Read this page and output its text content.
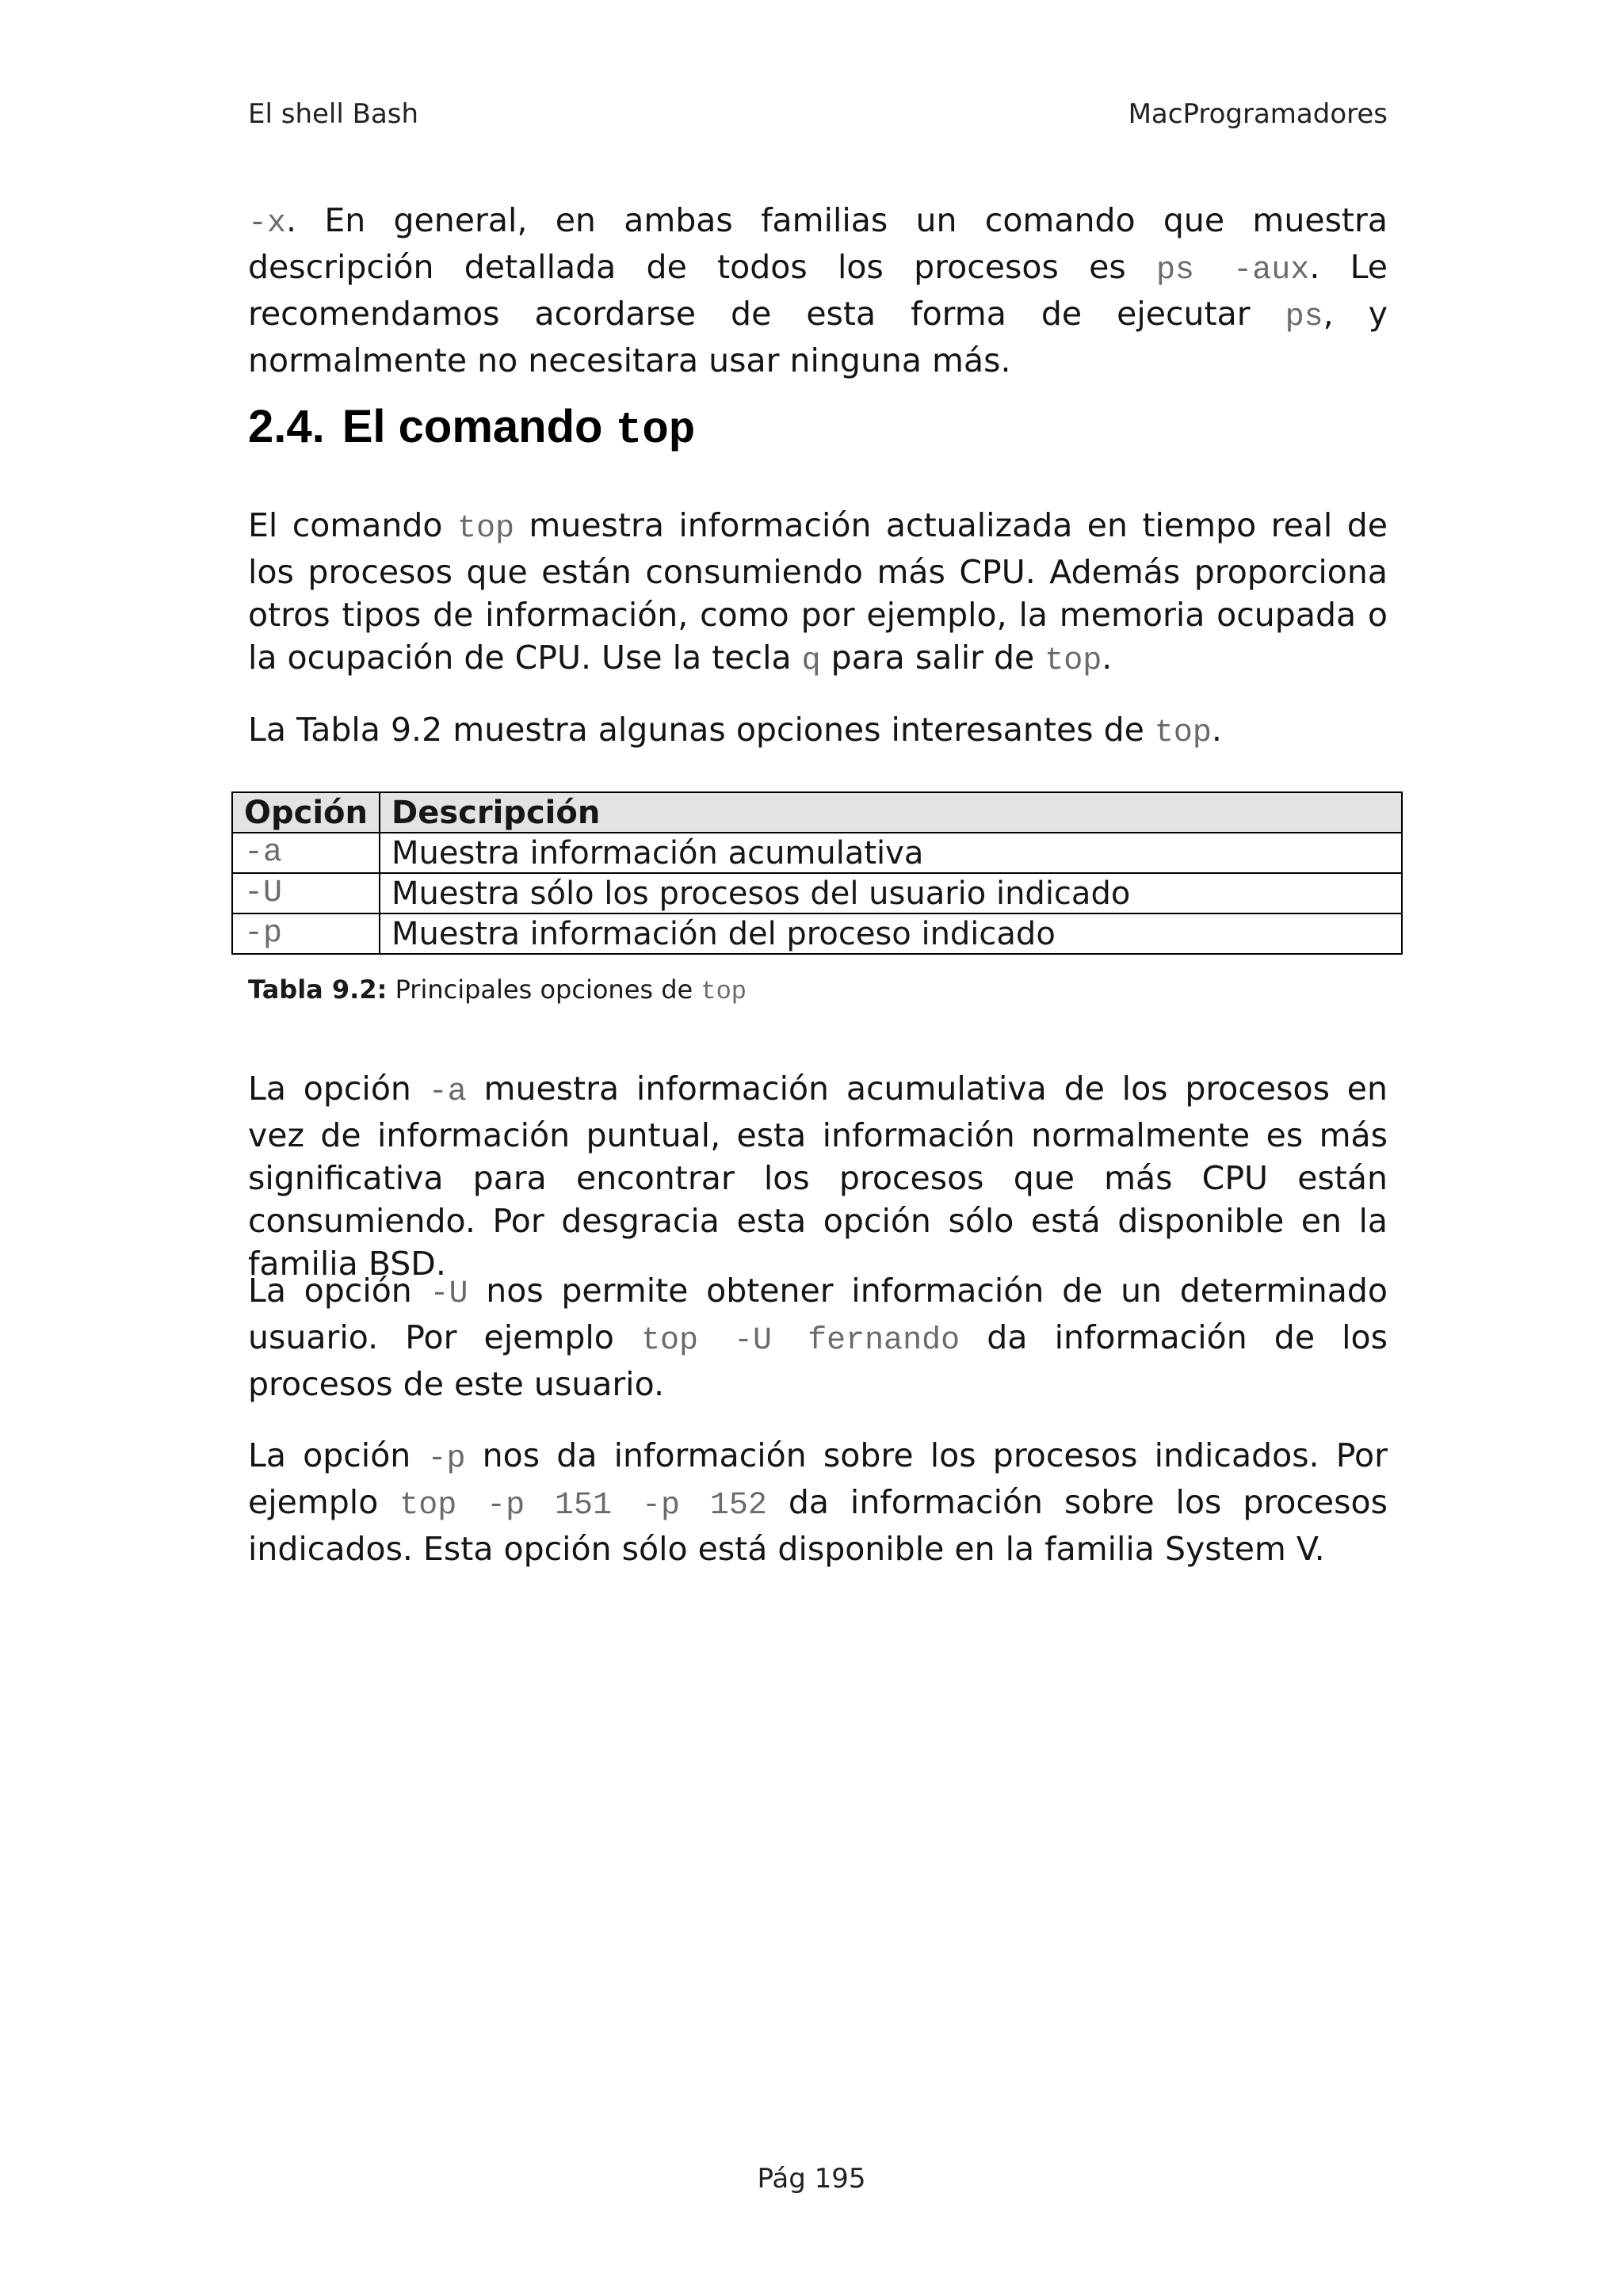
El shell Bash	MacProgramadores
-x. En general, en ambas familias un comando que muestra descripción detallada de todos los procesos es ps -aux. Le recomendamos acordarse de esta forma de ejecutar ps, y normalmente no necesitara usar ninguna más.
2.4. El comando top
El comando top muestra información actualizada en tiempo real de los procesos que están consumiendo más CPU. Además proporciona otros tipos de información, como por ejemplo, la memoria ocupada o la ocupación de CPU. Use la tecla q para salir de top.
La Tabla 9.2 muestra algunas opciones interesantes de top.
Opción	Descripción
-a	Muestra información acumulativa
-U	Muestra sólo los procesos del usuario indicado
-p	Muestra información del proceso indicado
Tabla 9.2: Principales opciones de top
La opción -a muestra información acumulativa de los procesos en vez de información puntual, esta información normalmente es más significativa para encontrar los procesos que más CPU están consumiendo. Por desgracia esta opción sólo está disponible en la familia BSD.
La opción -U nos permite obtener información de un determinado usuario. Por ejemplo top -U fernando da información de los procesos de este usuario.
La opción -p nos da información sobre los procesos indicados. Por ejemplo top -p 151 -p 152 da información sobre los procesos indicados. Esta opción sólo está disponible en la familia System V.
Pág 195
